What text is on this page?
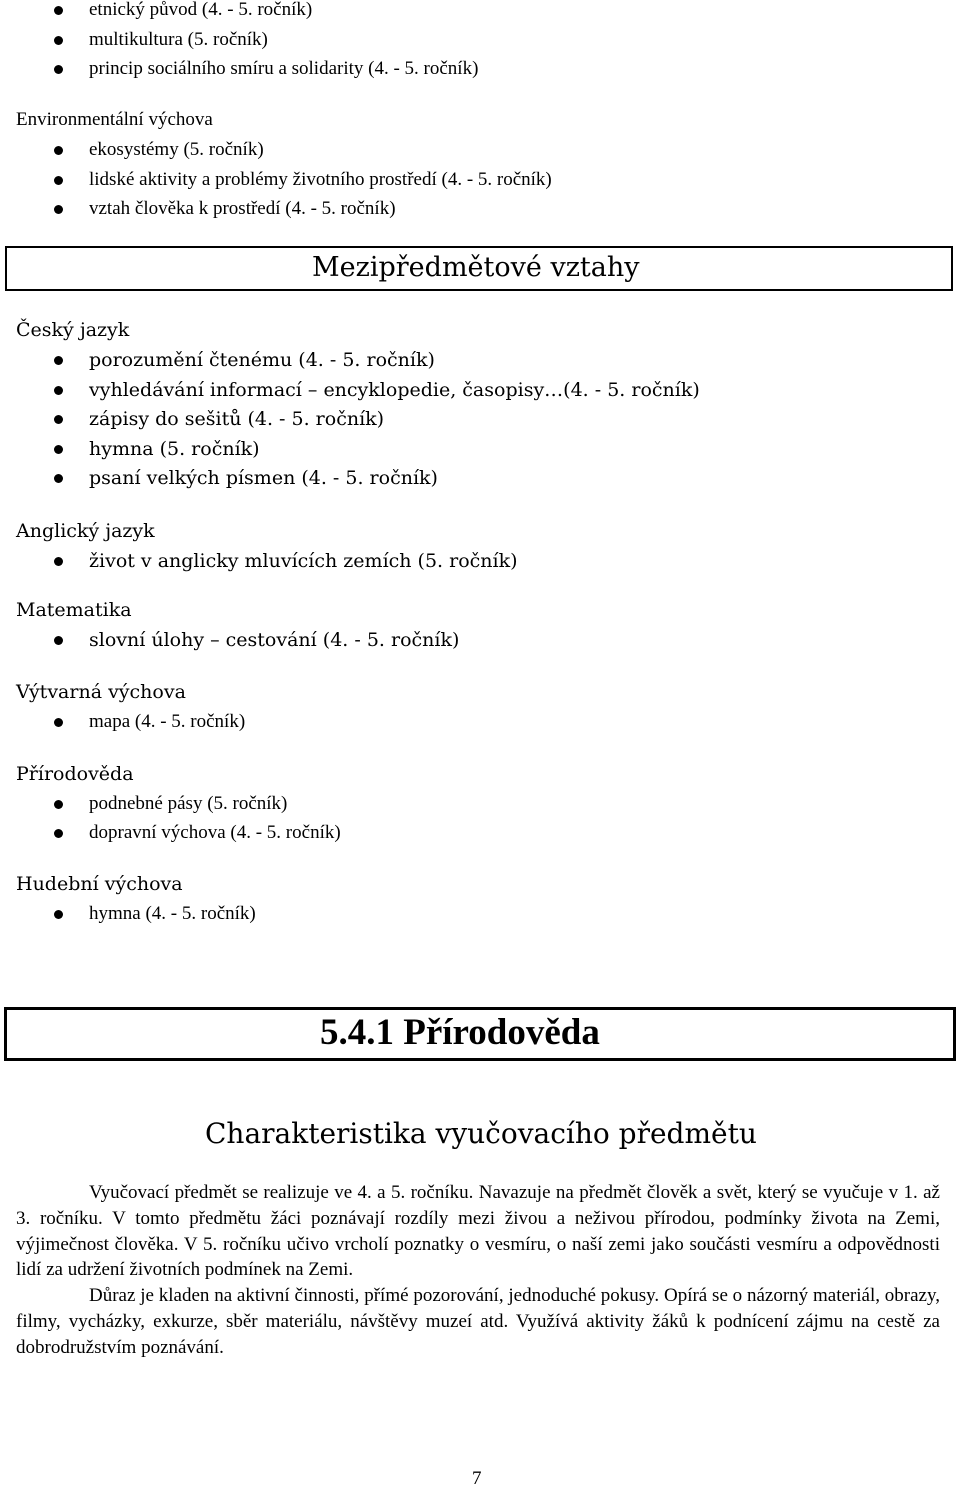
etnický původ (4. - 5. ročník)
multikultura (5. ročník)
princip sociálního smíru a solidarity (4. - 5. ročník)
Environmentální výchova
ekosystémy (5. ročník)
lidské aktivity a problémy životního prostředí (4. - 5. ročník)
vztah člověka k prostředí (4. - 5. ročník)
Mezipředmětové vztahy
Český jazyk
porozumění čtenému (4. - 5. ročník)
vyhledávání informací – encyklopedie, časopisy…(4. - 5. ročník)
zápisy do sešitů (4. - 5. ročník)
hymna (5. ročník)
psaní velkých písmen (4. - 5. ročník)
Anglický jazyk
život v anglicky mluvících zemích (5. ročník)
Matematika
slovní úlohy – cestování (4. - 5. ročník)
Výtvarná výchova
mapa (4. - 5. ročník)
Přírodověda
podnebné pásy (5. ročník)
dopravní výchova (4. - 5. ročník)
Hudební výchova
hymna (4. - 5. ročník)
5.4.1 Přírodověda
Charakteristika vyučovacího předmětu

Vyučovací předmět se realizuje ve 4. a 5. ročníku. Navazuje na předmět člověk a svět, který se vyučuje v 1. až 3. ročníku. V tomto předmětu žáci poznávají rozdíly mezi živou a neživou přírodou, podmínky života na Zemi, výjimečnost člověka. V 5. ročníku učivo vrcholí poznatky o vesmíru, o naší zemi jako součásti vesmíru a odpovědnosti lidí za udržení životních podmínek na Zemi.

Důraz je kladen na aktivní činnosti, přímé pozorování, jednoduché pokusy. Opírá se o názorný materiál, obrazy, filmy, vycházky, exkurze, sběr materiálu, návštěvy muzeí atd. Využívá aktivity žáků k podnícení zájmu na cestě za dobrodružstvím poznávání.

7
